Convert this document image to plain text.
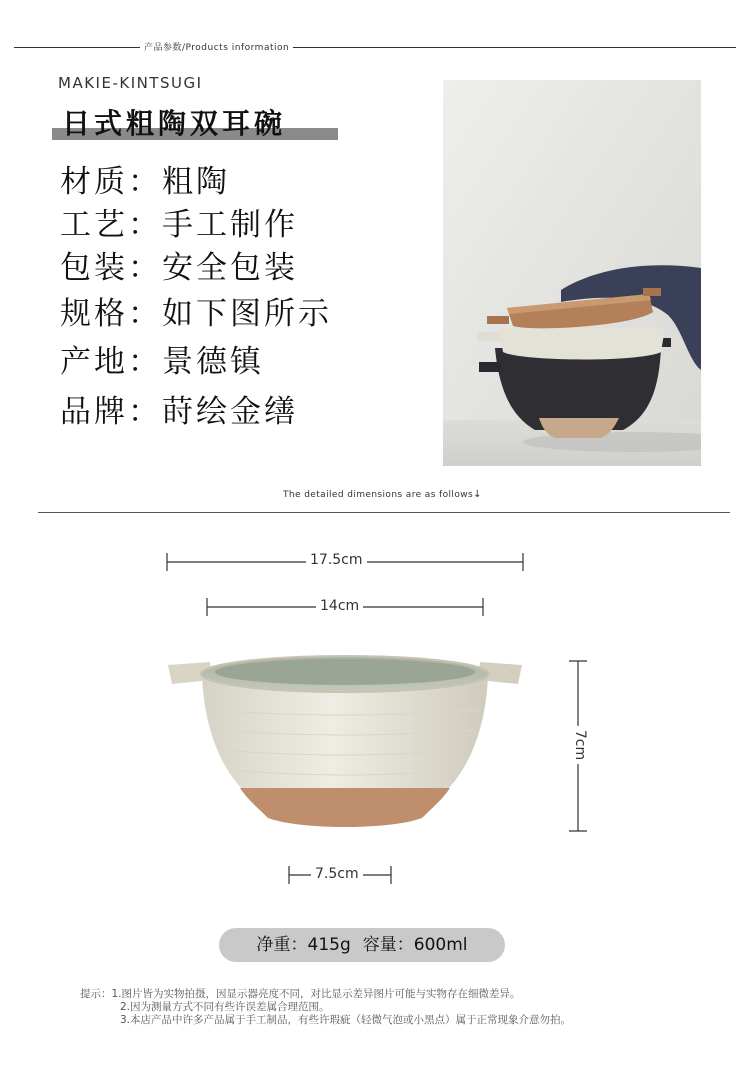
产品参数/Products information
MAKIE-KINTSUGI
日式粗陶双耳碗
材质：粗陶
工艺：手工制作
包装：安全包装
规格：如下图所示
产地：景德镇
品牌：莳绘金缮
The detailed dimensions are as follows↓
17.5cm
14cm
7cm
7.5cm
净重：415g 容量：600ml
提示：1.图片皆为实物拍摄，因显示器亮度不同，对比显示差异图片可能与实物存在细微差异。
2.因为测量方式不同有些许误差属合理范围。
3.本店产品中许多产品属于手工制品，有些许瑕疵（轻微气泡或小黑点）属于正常现象介意勿拍。
